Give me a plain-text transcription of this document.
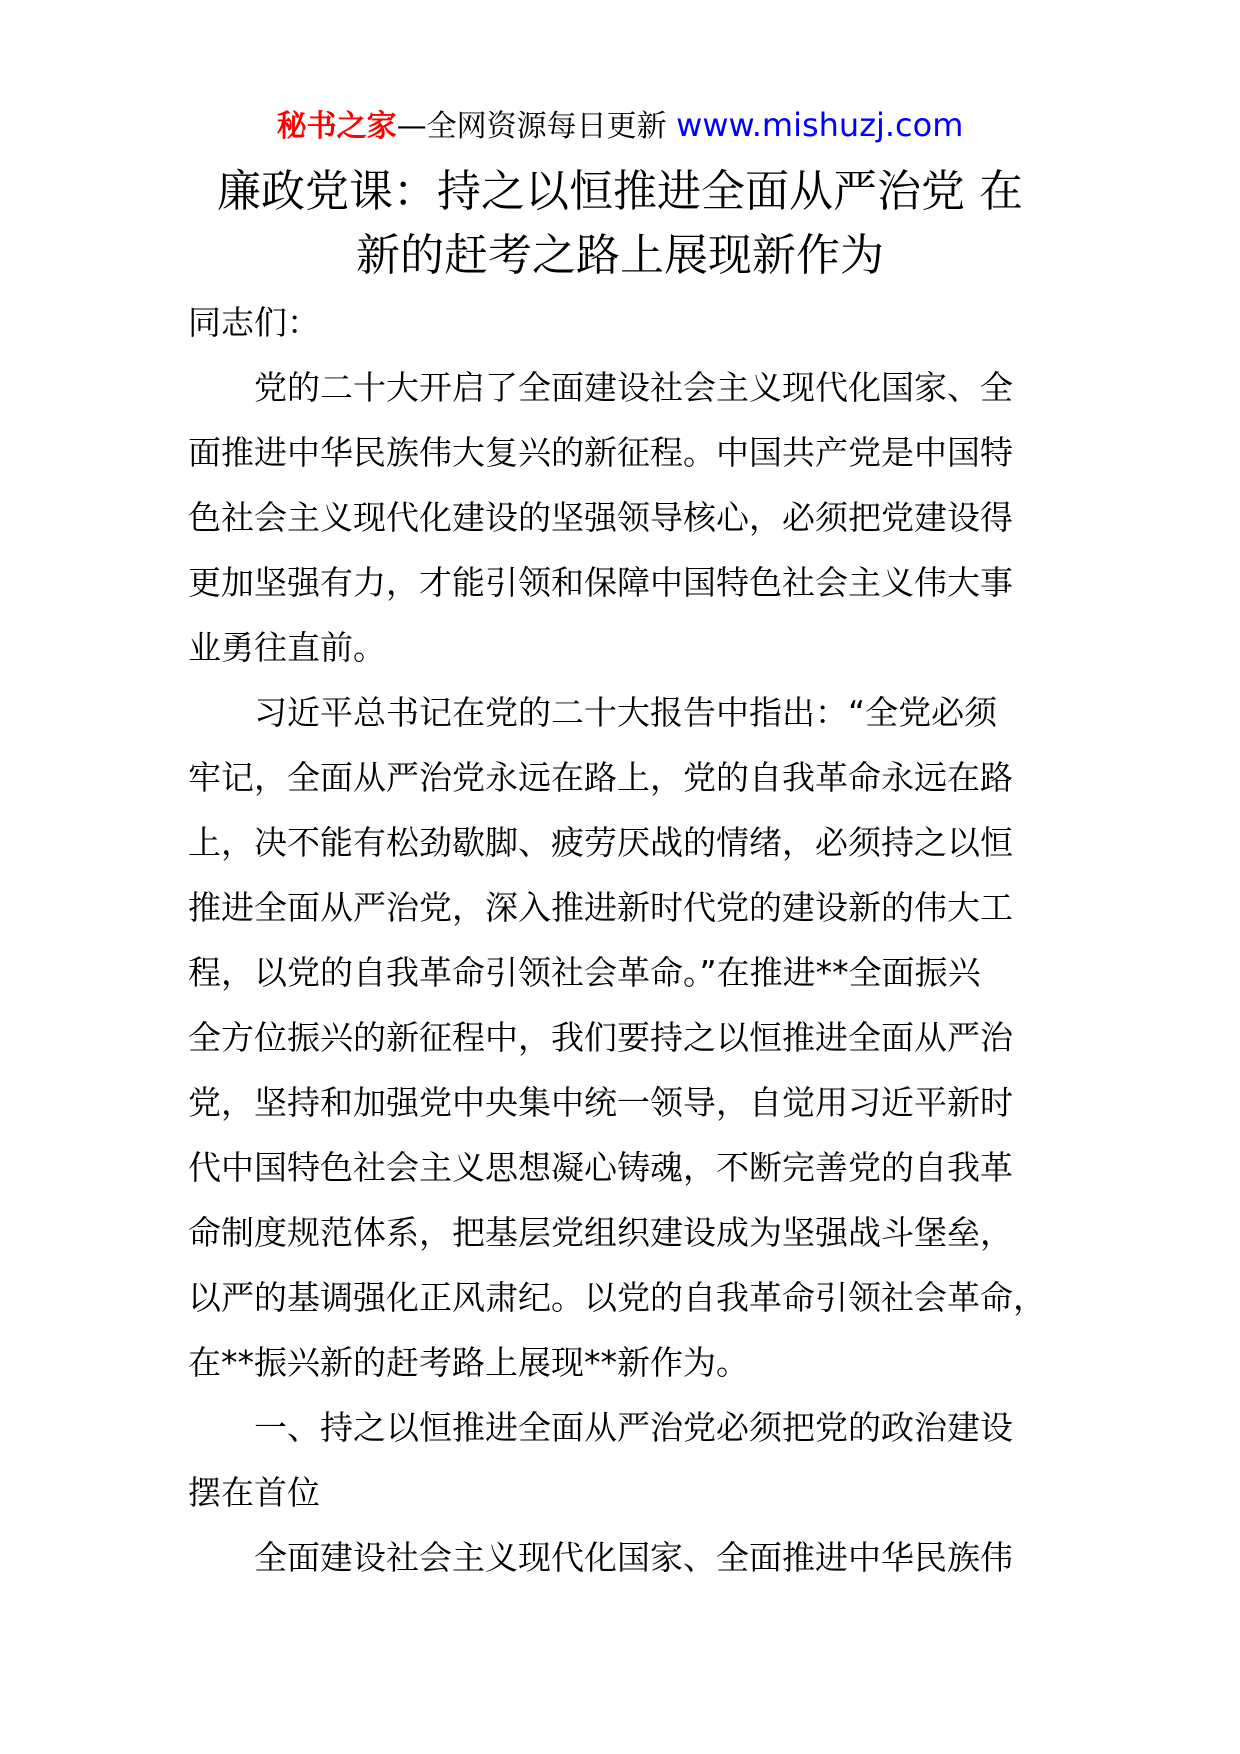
秘书之家—全网资源每日更新 www.mishuzj.com
廉政党课：持之以恒推进全面从严治党 在
新的赶考之路上展现新作为

同志们：

党的二十大开启了全面建设社会主义现代化国家、全

面推进中华民族伟大复兴的新征程。中国共产党是中国特

色社会主义现代化建设的坚强领导核心，必须把党建设得

更加坚强有力，才能引领和保障中国特色社会主义伟大事

业勇往直前。

习近平总书记在党的二十大报告中指出：“全党必须

牢记，全面从严治党永远在路上，党的自我革命永远在路

上，决不能有松劲歇脚、疲劳厌战的情绪，必须持之以恒

推进全面从严治党，深入推进新时代党的建设新的伟大工

程，以党的自我革命引领社会革命。”在推进**全面振兴

全方位振兴的新征程中，我们要持之以恒推进全面从严治

党，坚持和加强党中央集中统一领导，自觉用习近平新时

代中国特色社会主义思想凝心铸魂，不断完善党的自我革

命制度规范体系，把基层党组织建设成为坚强战斗堡垒，

以严的基调强化正风肃纪。以党的自我革命引领社会革命，

在**振兴新的赶考路上展现**新作为。

一、持之以恒推进全面从严治党必须把党的政治建设

摆在首位

全面建设社会主义现代化国家、全面推进中华民族伟
